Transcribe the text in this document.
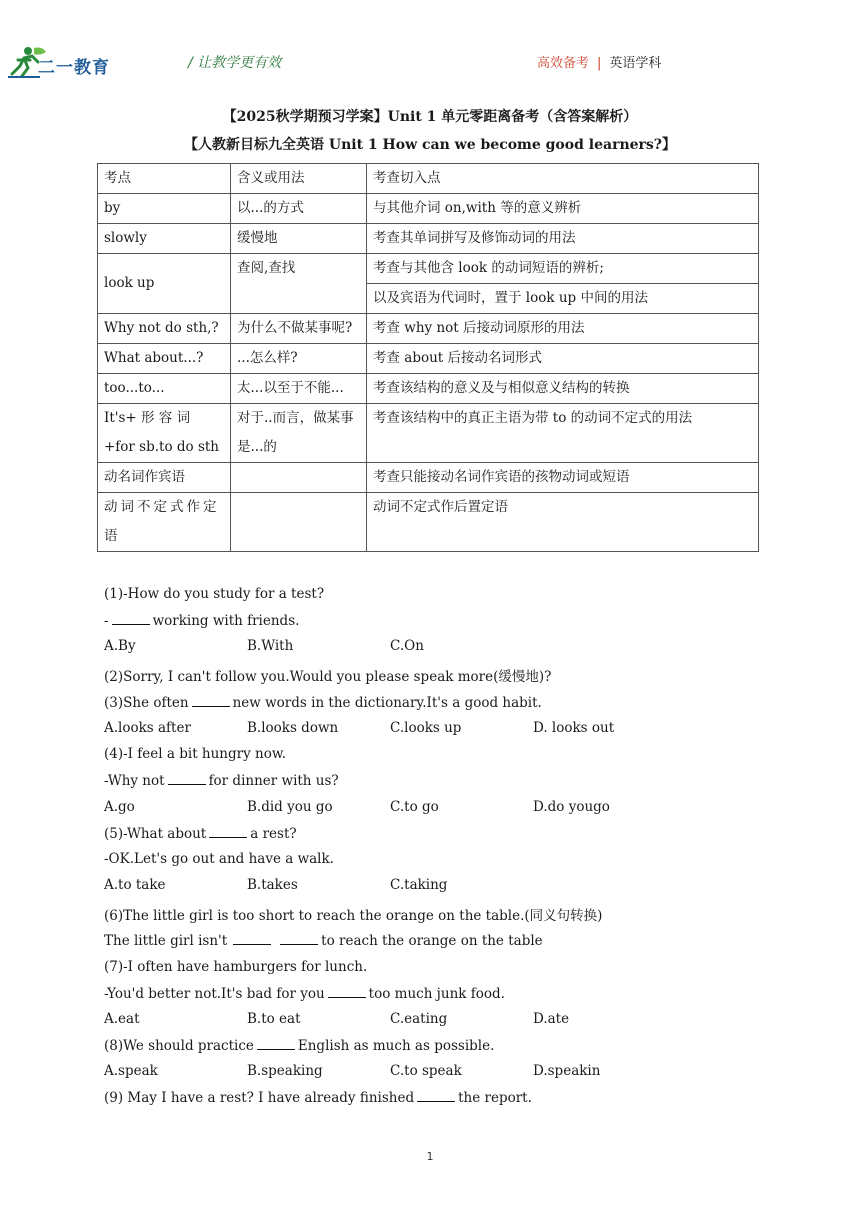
二一教育	/ 让教学更有效	高效备考 | 英语学科
【2025秋学期预习学案】Unit 1 单元零距离备考（含答案解析）
【人教新目标九全英语 Unit 1 How can we become good learners?】
考点	含义或用法	考查切入点
by	以...的方式	与其他介词 on,with 等的意义辨析
slowly	缓慢地	考查其单词拼写及修饰动词的用法
look up	查阅,查找	考查与其他含 look 的动词短语的辨析;
		以及宾语为代词时，置于 look up 中间的用法
Why not do sth,?	为什么不做某事呢?	考查 why not 后接动词原形的用法
What about...?	...怎么样?	考查 about 后接动名词形式
too...to...	太...以至于不能...	考查该结构的意义及与相似意义结构的转换
It's+ 形 容 词 +for sb.to do sth	对于..而言，做某事是...的	考查该结构中的真正主语为带 to 的动词不定式的用法
动名词作宾语		考查只能接动名词作宾语的孩物动词或短语
动词不定式作定语		动词不定式作后置定语
(1)-How do you study for a test?
-	working with friends.
A.By	B.With	C.On
(2)Sorry, I can't follow you.Would you please speak more(缓慢地)?
(3)She often	new words in the dictionary.It's a good habit.
A.looks after	B.looks down	C.looks up	D. looks out
(4)-I feel a bit hungry now.
-Why not	for dinner with us?
A.go	B.did you go	C.to go	D.do yougo
(5)-What about	a rest?
-OK.Let's go out and have a walk.
A.to take	B.takes	C.taking
(6)The little girl is too short to reach the orange on the table.(同义句转换)
The little girl isn't	to reach the orange on the table
(7)-I often have hamburgers for lunch.
-You'd better not.It's bad for you	too much junk food.
A.eat	B.to eat	C.eating	D.ate
(8)We should practice	English as much as possible.
A.speak	B.speaking	C.to speak	D.speakin
(9) May I have a rest? I have already finished	the report.
1
